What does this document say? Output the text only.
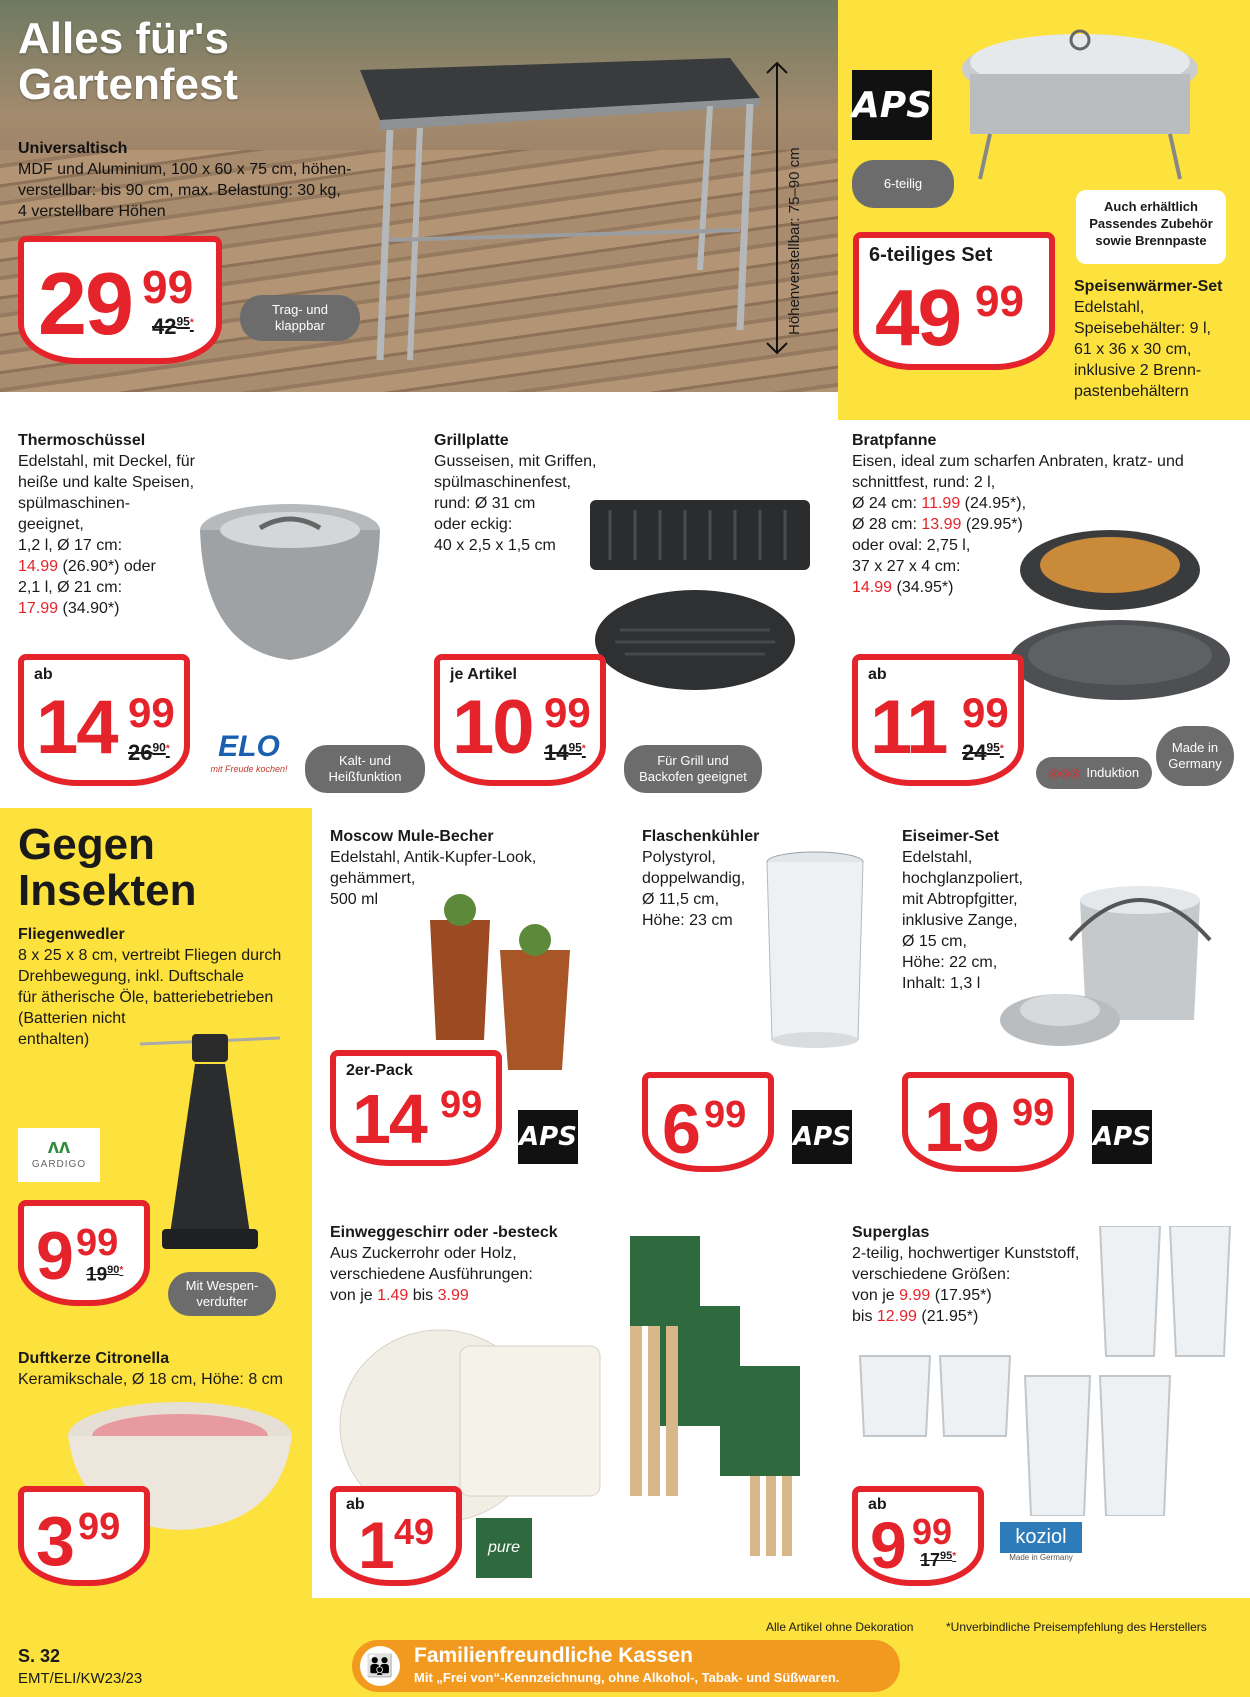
Alles für's
Gartenfest
Universaltisch
MDF und Aluminium, 100 x 60 x 75 cm, höhen-
verstellbar: bis 90 cm, max. Belastung: 30 kg,
4 verstellbare Höhen
29 99
$42^{95*}$
Trag- und
klappbar
APS
6-teilig
Auch erhältlich
Passendes Zubehör
sowie Brennpaste
6-teiliges Set
49 99	Speisenwärmer-Set
Edelstahl,
Speisebehälter: 9 l,
61 x 36 x 30 cm,
inklusive 2 Brenn-
pastenbehältern
Thermoschüssel
Edelstahl, mit Deckel, für
heiße und kalte Speisen,
spülmaschinen-
geeignet,
1,2 l, Ø 17 cm:
14.99 (26.90*) oder
2,1 l, Ø 21 cm:
17.99 (34.90*)
ab
14 99
$26^{90*}$	ELO
mit Freude kochen!
Kalt- und
Heißfunktion
Grillplatte
Gusseisen, mit Griffen,
spülmaschinenfest,
rund: Ø 31 cm
oder eckig:
40 x 2,5 x 1,5 cm
je Artikel
10 99
$14^{95*}$
Für Grill und
Backofen geeignet
Bratpfanne
Eisen, ideal zum scharfen Anbraten, kratz- und
schnittfest, rund: 2 l,
Ø 24 cm: 11.99 (24.95*),
Ø 28 cm: 13.99 (29.95*)
oder oval: 2,75 l,
37 x 27 x 4 cm:
14.99 (34.95*)
ab
11 99
$24^{95*}$
◎◎◎ Induktion
Made in
Germany
Gegen
Insekten
Fliegenwedler
8 x 25 x 8 cm, vertreibt Fliegen durch
Drehbewegung, inkl. Duftschale
für ätherische Öle, batteriebetrieben
(Batterien nicht
enthalten)
ᴧᴧ
GARDIGO
9 99
$19^{90*}$
Mit Wespen-
verdufter
Moscow Mule-Becher
Edelstahl, Antik-Kupfer-Look,
gehämmert,
500 ml
2er-Pack
14 99
APS
Flaschenkühler
Polystyrol,
doppelwandig,
Ø 11,5 cm,
Höhe: 23 cm
6 99
APS
Eiseimer-Set
Edelstahl,
hochglanzpoliert,
mit Abtropfgitter,
inklusive Zange,
Ø 15 cm,
Höhe: 22 cm,
Inhalt: 1,3 l
19 99
APS
Duftkerze Citronella
Keramikschale, Ø 18 cm, Höhe: 8 cm
3 99
Einweggeschirr oder -besteck
Aus Zuckerrohr oder Holz,
verschiedene Ausführungen:
von je 1.49 bis 3.99
ab
1 49	pure
Superglas
2-teilig, hochwertiger Kunststoff,
verschiedene Größen:
von je 9.99 (17.95*)
bis 12.99 (21.95*)
ab
9 99
$17^{95*}$
koziol
Made in Germany
Alle Artikel ohne Dekoration	*Unverbindliche Preisempfehlung des Herstellers
S. 32
EMT/ELI/KW23/23
👪 Familienfreundliche Kassen
Mit „Frei von“-Kennzeichnung, ohne Alkohol-, Tabak- und Süßwaren.
